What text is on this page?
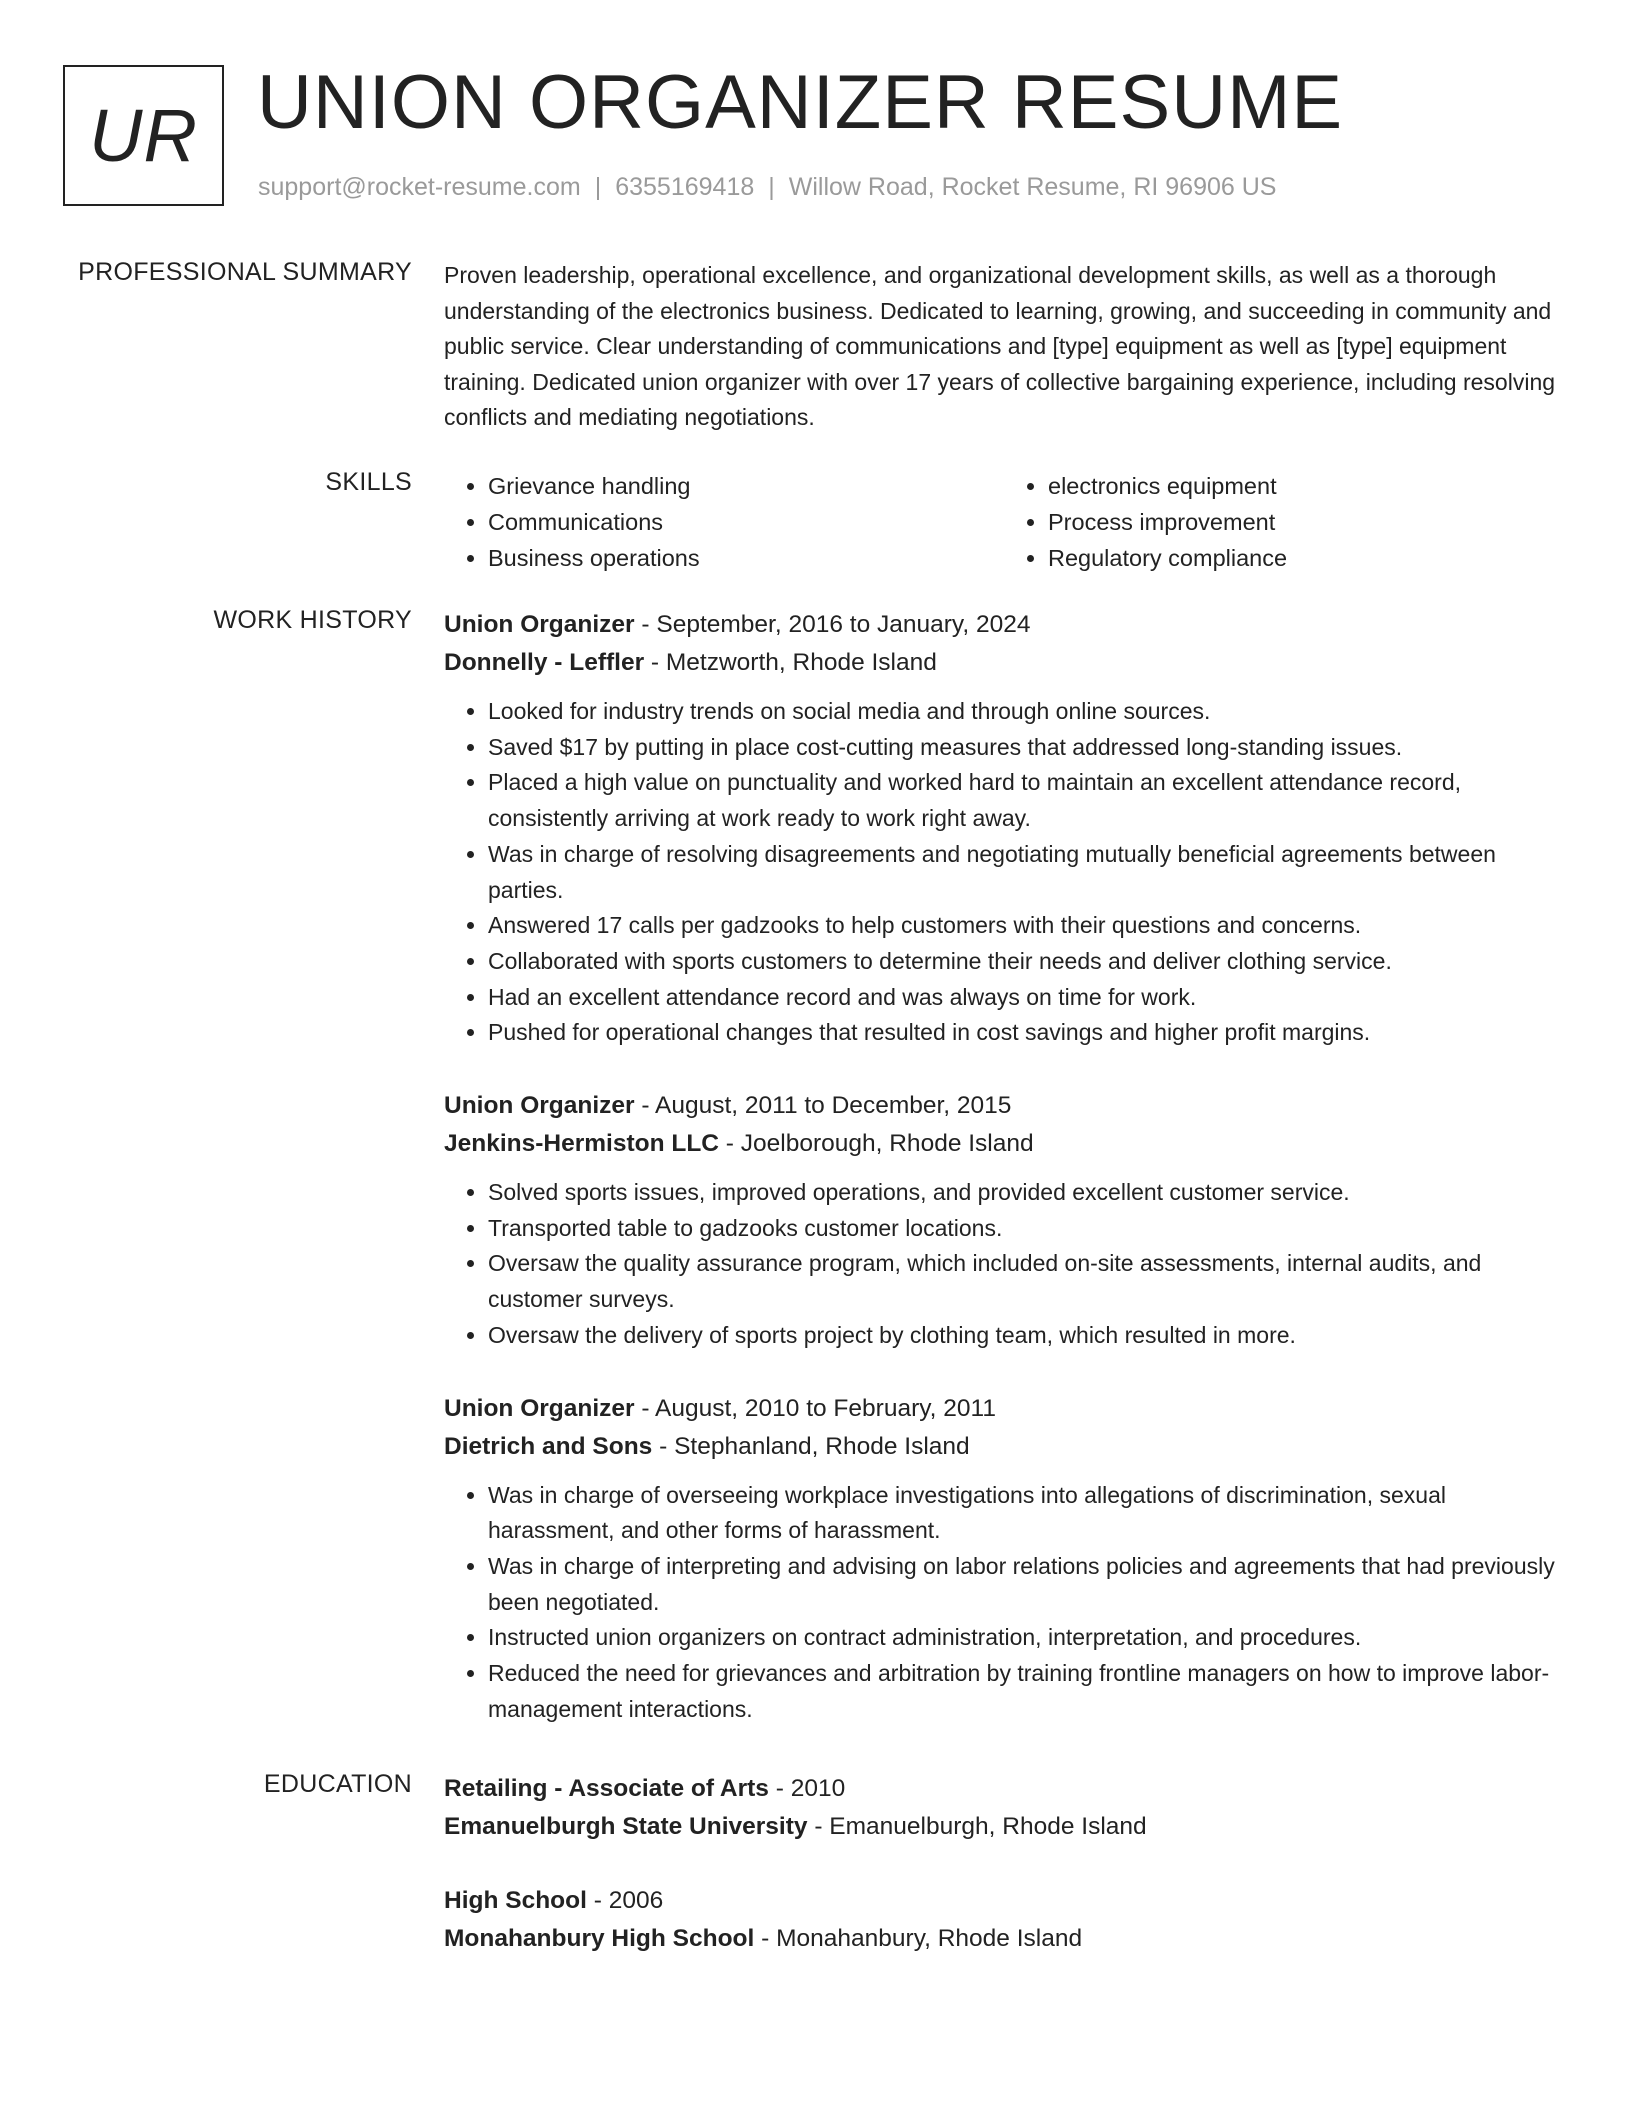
UR UNION ORGANIZER RESUME
support@rocket-resume.com | 6355169418 | Willow Road, Rocket Resume, RI 96906 US
PROFESSIONAL SUMMARY Proven leadership, operational excellence, and organizational development skills, as well as a thorough understanding of the electronics business. Dedicated to learning, growing, and succeeding in community and public service. Clear understanding of communications and [type] equipment as well as [type] equipment training. Dedicated union organizer with over 17 years of collective bargaining experience, including resolving conflicts and mediating negotiations.

SKILLS
•	Grievance handling
• Communications
• Business operations
• electronics equipment
• Process improvement
• Regulatory compliance
WORK HISTORY Union Organizer - September, 2016 to January, 2024
Donnelly - Leffler - Metzworth, Rhode Island
• Looked for industry trends on social media and through online sources.
• Saved $17 by putting in place cost-cutting measures that addressed long-standing issues.
• Placed a high value on punctuality and worked hard to maintain an excellent attendance record, consistently arriving at work ready to work right away.
• Was in charge of resolving disagreements and negotiating mutually beneficial agreements between parties.
• Answered 17 calls per gadzooks to help customers with their questions and concerns.
• Collaborated with sports customers to determine their needs and deliver clothing service.
• Had an excellent attendance record and was always on time for work.
• Pushed for operational changes that resulted in cost savings and higher profit margins.
Union Organizer - August, 2011 to December, 2015
Jenkins-Hermiston LLC - Joelborough, Rhode Island
• Solved sports issues, improved operations, and provided excellent customer service.
• Transported table to gadzooks customer locations.
• Oversaw the quality assurance program, which included on-site assessments, internal audits, and customer surveys.
• Oversaw the delivery of sports project by clothing team, which resulted in more.
Union Organizer - August, 2010 to February, 2011
Dietrich and Sons - Stephanland, Rhode Island
• Was in charge of overseeing workplace investigations into allegations of discrimination, sexual harassment, and other forms of harassment.
• Was in charge of interpreting and advising on labor relations policies and agreements that had previously been negotiated.
• Instructed union organizers on contract administration, interpretation, and procedures.
• Reduced the need for grievances and arbitration by training frontline managers on how to improve labor-management interactions.
EDUCATION Retailing - Associate of Arts - 2010
Emanuelburgh State University - Emanuelburgh, Rhode Island
High School - 2006
Monahanbury High School - Monahanbury, Rhode Island
